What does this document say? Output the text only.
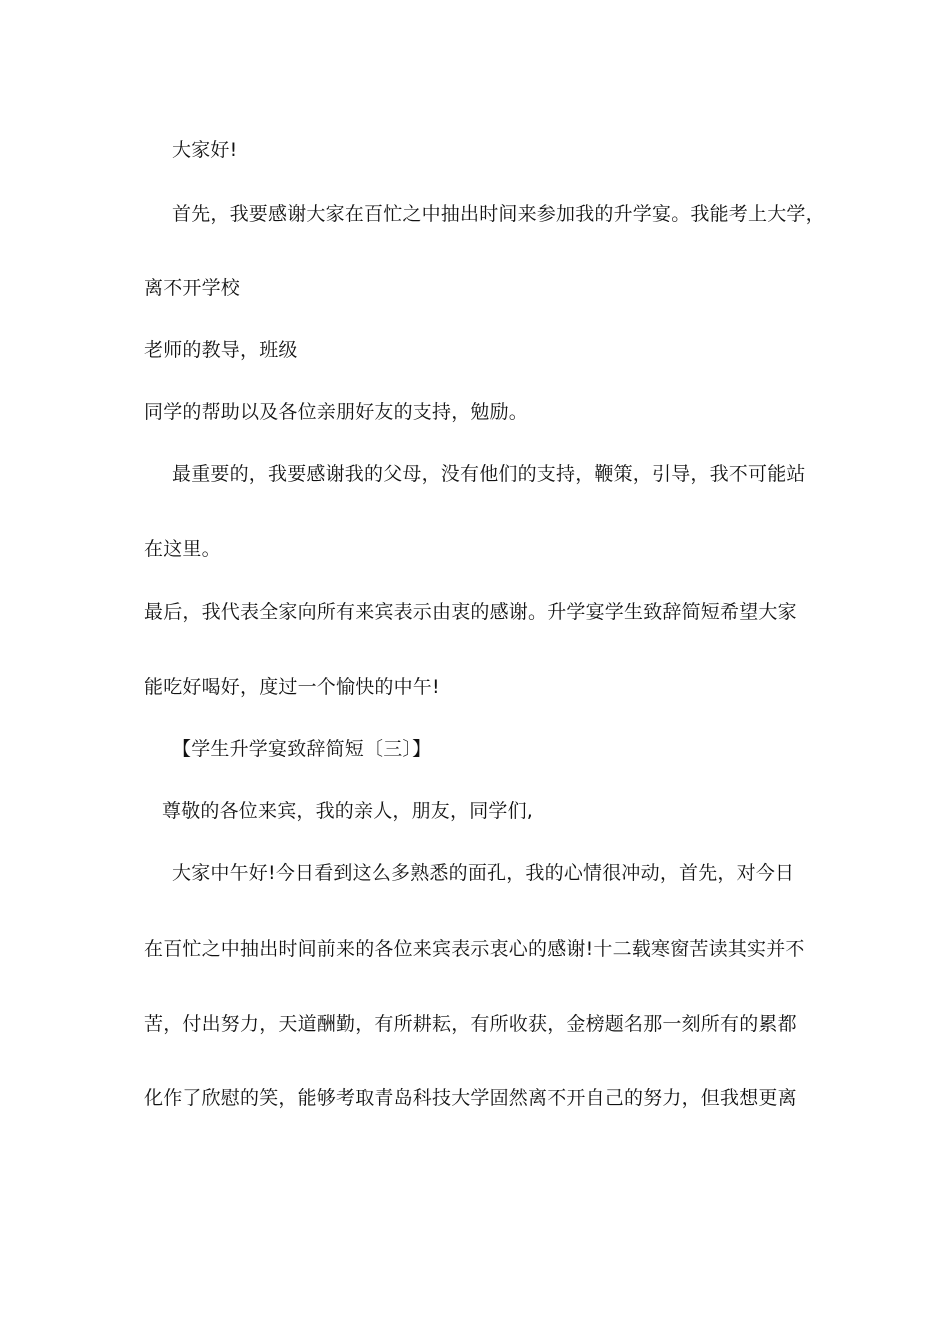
大家好!
首先，我要感谢大家在百忙之中抽出时间来参加我的升学宴。我能考上大学，
离不开学校
老师的教导，班级
同学的帮助以及各位亲朋好友的支持，勉励。
最重要的，我要感谢我的父母，没有他们的支持，鞭策，引导，我不可能站
在这里。
最后，我代表全家向所有来宾表示由衷的感谢。升学宴学生致辞简短希望大家
能吃好喝好，度过一个愉快的中午!
【学生升学宴致辞简短〔三〕】
尊敬的各位来宾，我的亲人，朋友，同学们,
大家中午好!今日看到这么多熟悉的面孔，我的心情很冲动，首先，对今日
在百忙之中抽出时间前来的各位来宾表示衷心的感谢!十二载寒窗苦读其实并不
苦，付出努力，天道酬勤，有所耕耘，有所收获，金榜题名那一刻所有的累都
化作了欣慰的笑，能够考取青岛科技大学固然离不开自己的努力，但我想更离
